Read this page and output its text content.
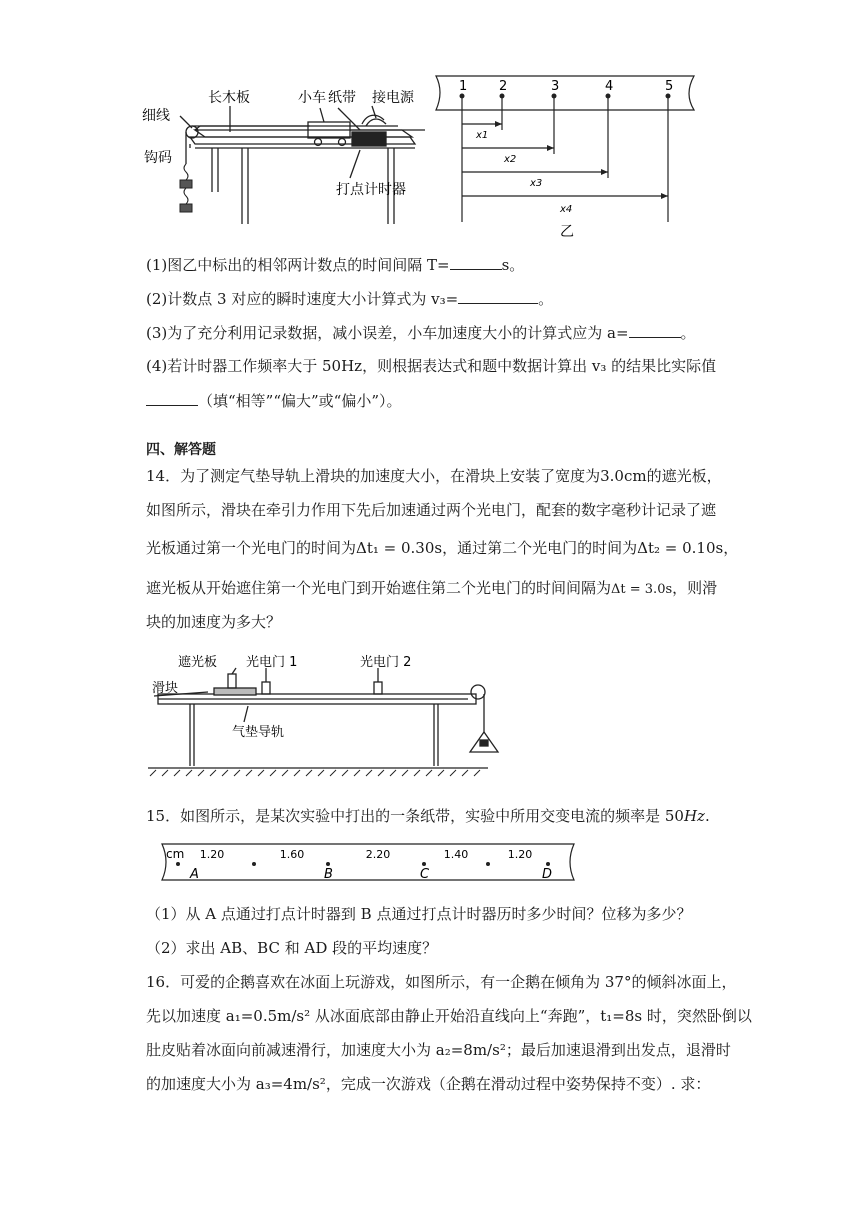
细线
长木板	小车 纸带 接电源
钩码
打点计时器
1 2	3	4	5
x1
x2
x3
x4
乙
(1)图乙中标出的相邻两计数点的时间间隔 T=	s。
(2)计数点 3 对应的瞬时速度大小计算式为 v₃=	。
(3)为了充分利用记录数据，减小误差，小车加速度大小的计算式应为 a=	。
(4)若计时器工作频率大于 50Hz，则根据表达式和题中数据计算出 v₃ 的结果比实际值
（填“相等”“偏大”或“偏小”）。
四、解答题
14．为了测定气垫导轨上滑块的加速度大小，在滑块上安装了宽度为3.0cm的遮光板，
如图所示，滑块在牵引力作用下先后加速通过两个光电门，配套的数字毫秒计记录了遮
光板通过第一个光电门的时间为Δt₁ = 0.30s，通过第二个光电门的时间为Δt₂ = 0.10s，
遮光板从开始遮住第一个光电门到开始遮住第二个光电门的时间间隔为Δt = 3.0s，则滑
块的加速度为多大？
遮光板 光电门 1	光电门 2
滑块
气垫导轨
15．如图所示，是某次实验中打出的一条纸带，实验中所用交变电流的频率是 50Hz.
cm 1.20	1.60	2.20	1.40	1.20
A	B	C	D
（1）从 A 点通过打点计时器到 B 点通过打点计时器历时多少时间？位移为多少？
（2）求出 AB、BC 和 AD 段的平均速度？
16．可爱的企鹅喜欢在冰面上玩游戏，如图所示，有一企鹅在倾角为 37°的倾斜冰面上，
先以加速度 a₁=0.5m/s² 从冰面底部由静止开始沿直线向上“奔跑”，t₁=8s 时，突然卧倒以
肚皮贴着冰面向前减速滑行，加速度大小为 a₂=8m/s²；最后加速退滑到出发点，退滑时
的加速度大小为 a₃=4m/s²，完成一次游戏（企鹅在滑动过程中姿势保持不变）. 求：
